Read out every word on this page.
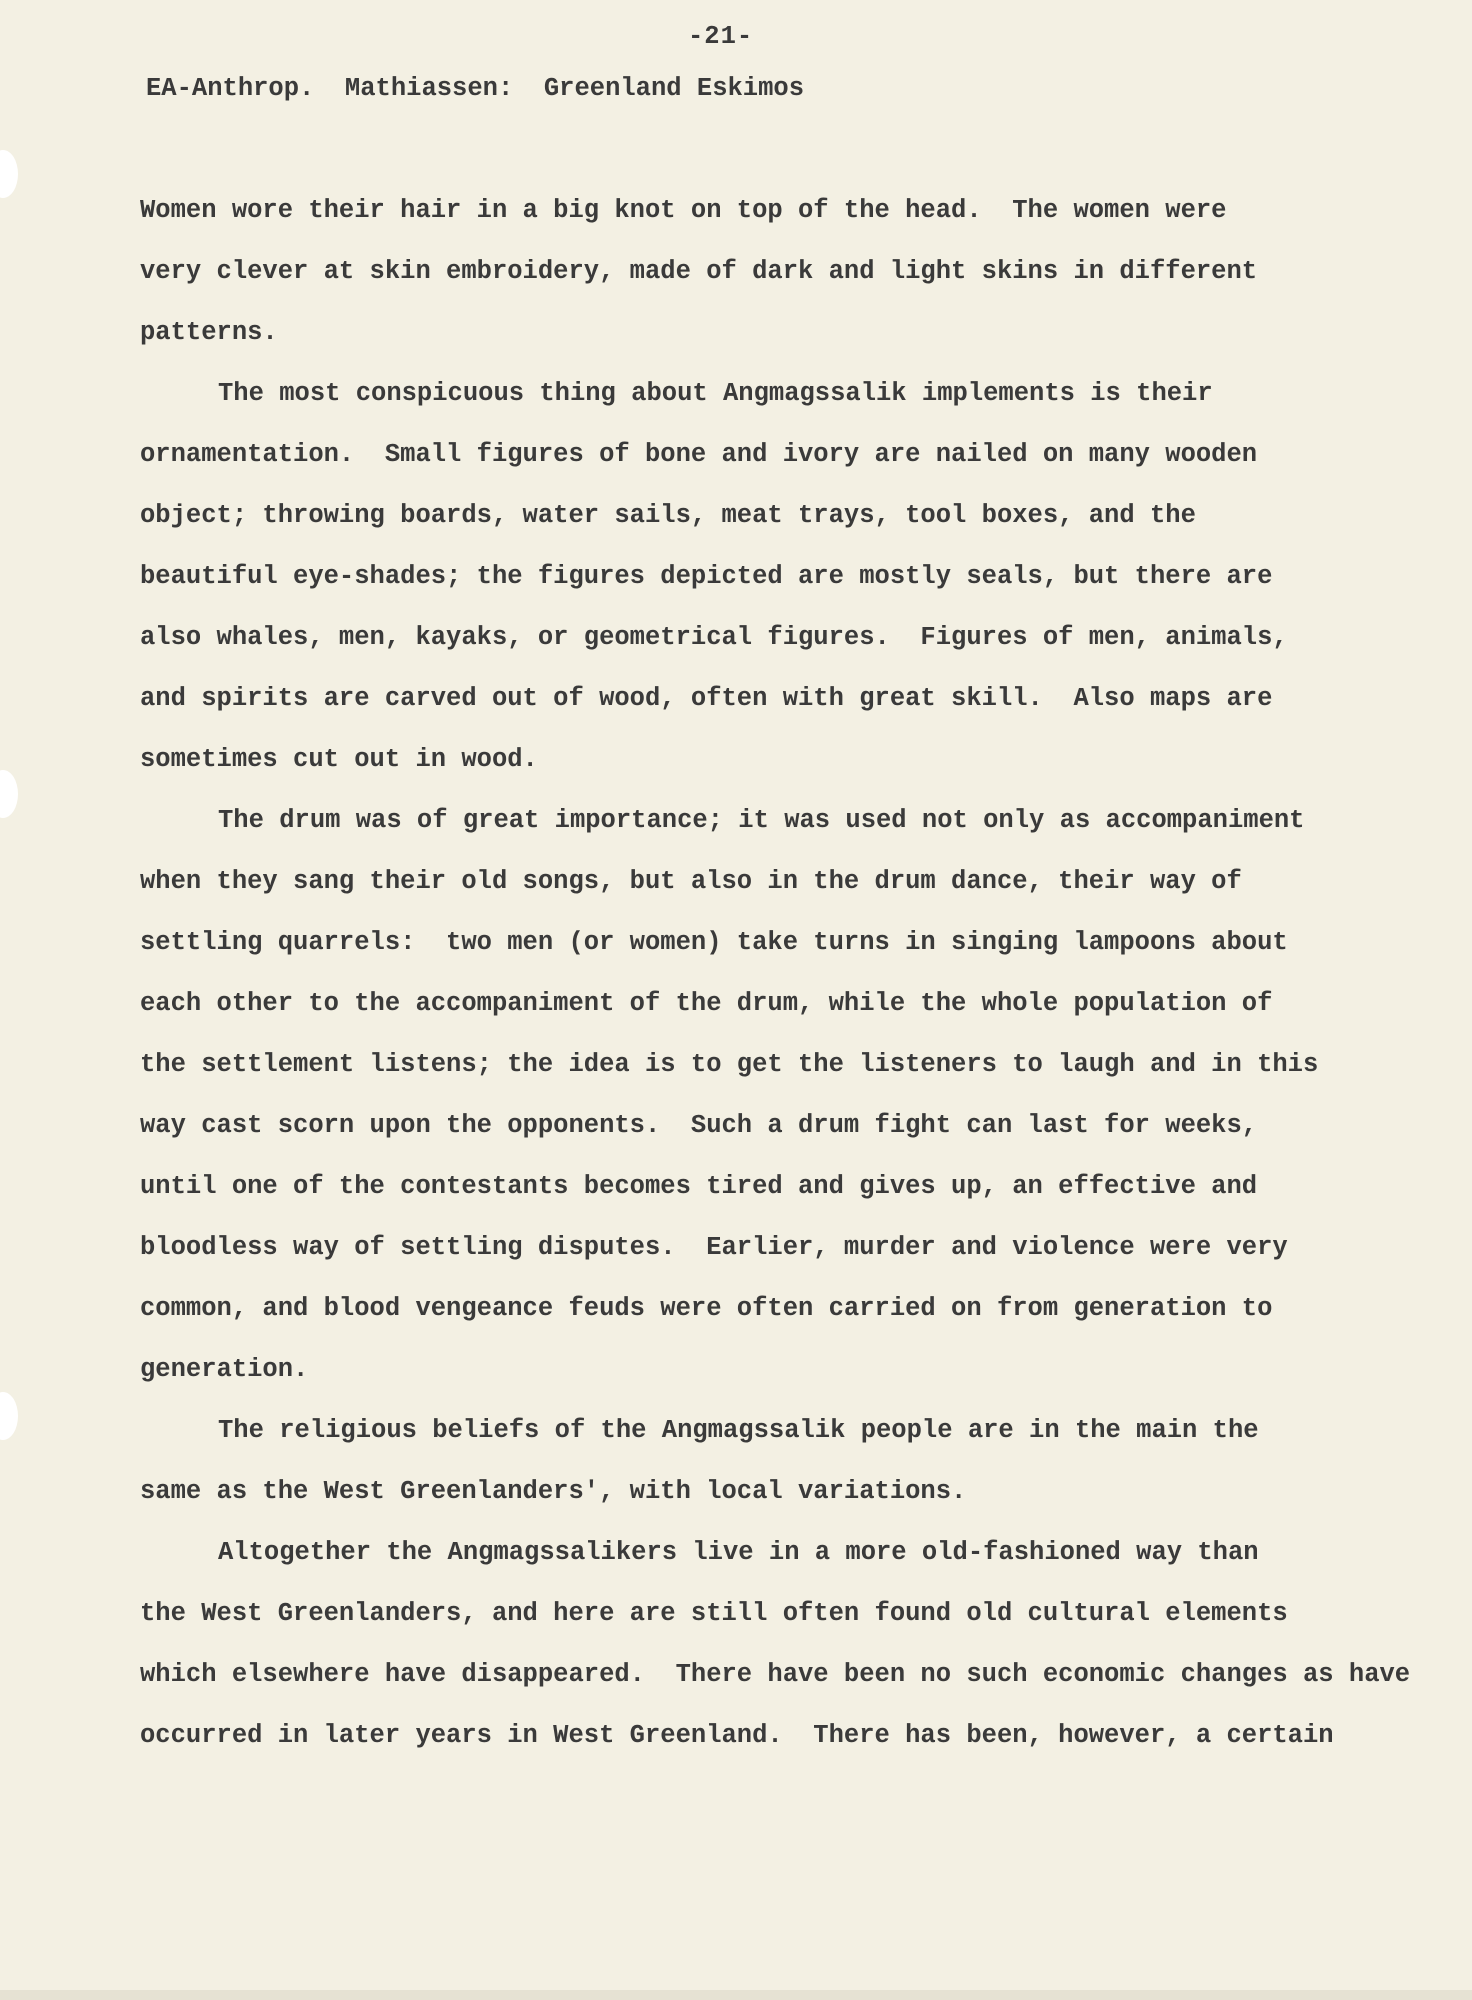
-21-

EA-Anthrop.  Mathiassen:  Greenland Eskimos

Women wore their hair in a big knot on top of the head.  The women were
very clever at skin embroidery, made of dark and light skins in different
patterns.
The most conspicuous thing about Angmagssalik implements is their
ornamentation.  Small figures of bone and ivory are nailed on many wooden
object; throwing boards, water sails, meat trays, tool boxes, and the
beautiful eye-shades; the figures depicted are mostly seals, but there are
also whales, men, kayaks, or geometrical figures.  Figures of men, animals,
and spirits are carved out of wood, often with great skill.  Also maps are
sometimes cut out in wood.
The drum was of great importance; it was used not only as accompaniment
when they sang their old songs, but also in the drum dance, their way of
settling quarrels:  two men (or women) take turns in singing lampoons about
each other to the accompaniment of the drum, while the whole population of
the settlement listens; the idea is to get the listeners to laugh and in this
way cast scorn upon the opponents.  Such a drum fight can last for weeks,
until one of the contestants becomes tired and gives up, an effective and
bloodless way of settling disputes.  Earlier, murder and violence were very
common, and blood vengeance feuds were often carried on from generation to
generation.
The religious beliefs of the Angmagssalik people are in the main the
same as the West Greenlanders', with local variations.
Altogether the Angmagssalikers live in a more old-fashioned way than
the West Greenlanders, and here are still often found old cultural elements
which elsewhere have disappeared.  There have been no such economic changes as have
occurred in later years in West Greenland.  There has been, however, a certain
